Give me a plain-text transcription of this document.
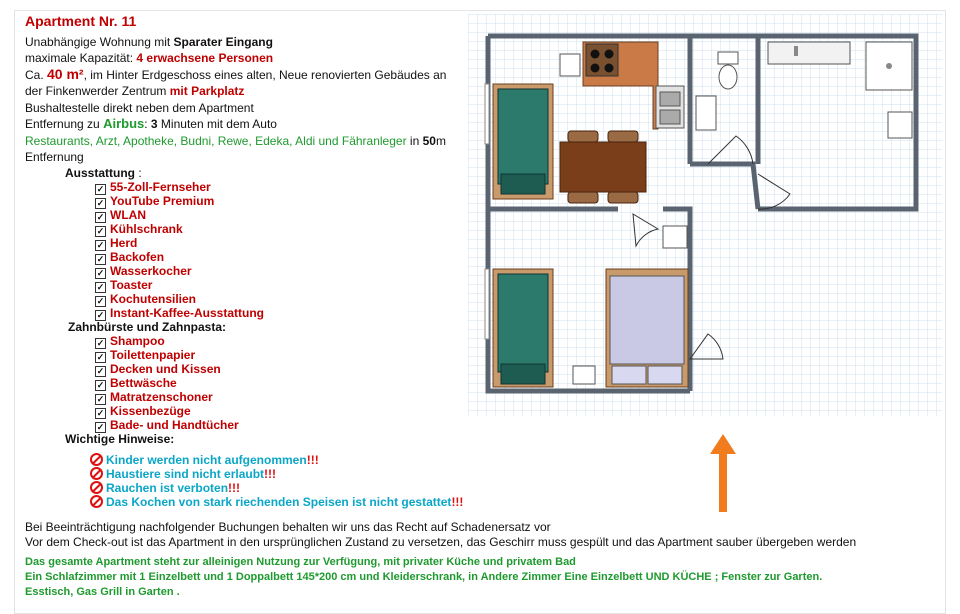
Apartment Nr. 11
Unabhängige Wohnung mit Sparater Eingang
maximale Kapazität: 4 erwachsene Personen
Ca. 40 m², im Hinter Erdgeschoss eines alten, Neue renovierten Gebäudes an
der Finkenwerder Zentrum mit Parkplatz
Bushaltestelle direkt neben dem Apartment
Entfernung zu Airbus: 3 Minuten mit dem Auto
Restaurants, Arzt, Apotheke, Budni, Rewe, Edeka, Aldi und Fähranleger in 50m
Entfernung
Ausstattung :
✓ 55-Zoll-Fernseher
✓ YouTube Premium
✓ WLAN
✓ Kühlschrank
✓ Herd
✓ Backofen
✓ Wasserkocher
✓ Toaster
✓ Kochutensilien
✓ Instant-Kaffee-Ausstattung
Zahnbürste und Zahnpasta:
✓ Shampoo
✓ Toilettenpapier
✓ Decken und Kissen
✓ Bettwäsche
✓ Matratzenschoner
✓ Kissenbezüge
✓ Bade- und Handtücher
Wichtige Hinweise:
Kinder werden nicht aufgenommen!!!
Haustiere sind nicht erlaubt!!!
Rauchen ist verboten!!!
Das Kochen von stark riechenden Speisen ist nicht gestattet!!!
Bei Beeinträchtigung nachfolgender Buchungen behalten wir uns das Recht auf Schadenersatz vor
Vor dem Check-out ist das Apartment in den ursprünglichen Zustand zu versetzen, das Geschirr muss gespült und das Apartment sauber übergeben werden
Das gesamte Apartment steht zur alleinigen Nutzung zur Verfügung, mit privater Küche und privatem Bad
Ein Schlafzimmer mit 1 Einzelbett und 1 Doppalbett 145*200 cm und Kleiderschrank, in Andere Zimmer Eine Einzelbett UND KÜCHE ; Fenster zur Garten.
Esstisch, Gas Grill in Garten .
